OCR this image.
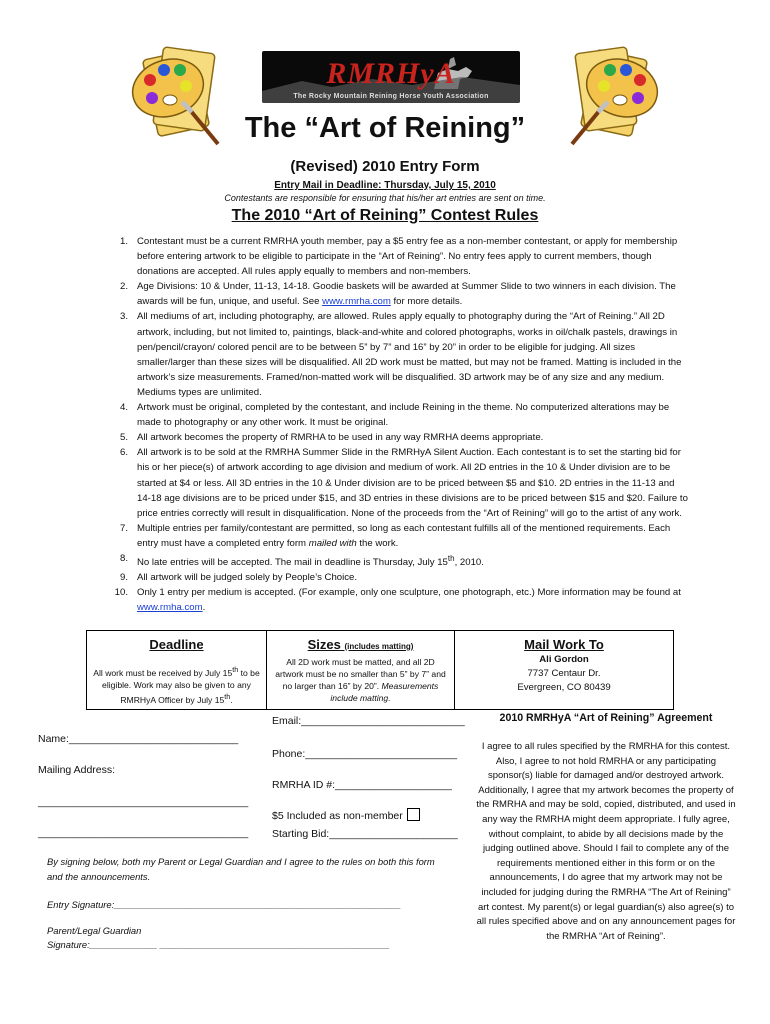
RMRHyA
The Rocky Mountain Reining Horse Youth Association
The “Art of Reining”
(Revised) 2010 Entry Form
Entry Mail in Deadline: Thursday, July 15, 2010
Contestants are responsible for ensuring that his/her art entries are sent on time.
The 2010 “Art of Reining” Contest Rules
1. Contestant must be a current RMRHA youth member, pay a $5 entry fee as a non-member contestant, or apply for membership before entering artwork to be eligible to participate in the “Art of Reining”. No entry fees apply to current members, though donations are accepted. All rules apply equally to members and non-members.
2. Age Divisions: 10 & Under, 11-13, 14-18. Goodie baskets will be awarded at Summer Slide to two winners in each division. The awards will be fun, unique, and useful. See www.rmrha.com for more details.
3. All mediums of art, including photography, are allowed. Rules apply equally to photography during the “Art of Reining.” All 2D artwork, including, but not limited to, paintings, black-and-white and colored photographs, works in oil/chalk pastels, drawings in pen/pencil/crayon/ colored pencil are to be between 5” by 7” and 16” by 20” in order to be eligible for judging. All sizes smaller/larger than these sizes will be disqualified. All 2D work must be matted, but may not be framed. Matting is included in the artwork’s size measurements. Framed/non-matted work will be disqualified. 3D artwork may be of any size and any medium. Mediums types are unlimited.
4. Artwork must be original, completed by the contestant, and include Reining in the theme. No computerized alterations may be made to photography or any other work. It must be original.
5. All artwork becomes the property of RMRHA to be used in any way RMRHA deems appropriate.
6. All artwork is to be sold at the RMRHA Summer Slide in the RMRHyA Silent Auction. Each contestant is to set the starting bid for his or her piece(s) of artwork according to age division and medium of work. All 2D entries in the 10 & Under division are to be started at $4 or less. All 3D entries in the 10 & Under division are to be priced between $5 and $10. 2D entries in the 11-13 and 14-18 age divisions are to be priced under $15, and 3D entries in these divisions are to be priced between $15 and $20. Failure to price entries correctly will result in disqualification. None of the proceeds from the “Art of Reining” will go to the artist of any work.
7. Multiple entries per family/contestant are permitted, so long as each contestant fulfills all of the mentioned requirements. Each entry must have a completed entry form mailed with the work.
8. No late entries will be accepted. The mail in deadline is Thursday, July 15th, 2010.
9. All artwork will be judged solely by People’s Choice.
10. Only 1 entry per medium is accepted. (For example, only one sculpture, one photograph, etc.) More information may be found at www.rmha.com.
Deadline

All work must be received by July 15th to be eligible. Work may also be given to any RMRHyA Officer by July 15th.

Sizes (includes matting)

All 2D work must be matted, and all 2D artwork must be no smaller than 5” by 7” and no larger than 16” by 20”. Measurements include matting.

Mail Work To

Ali Gordon
7737 Centaur Dr.
Evergreen, CO 80439

Email:____________________________
Name:_____________________________
Phone:__________________________
Mailing Address:
RMRHA ID #:____________________
____________________________________
$5 Included as non-member
____________________________________ Starting Bid:______________________
By signing below, both my Parent or Legal Guardian and I agree to the rules on both this form and the announcements.
Entry Signature:_______________________________________________________
Parent/Legal Guardian
Signature:_____________ ____________________________________________
2010 RMRHyA “Art of Reining” Agreement
I agree to all rules specified by the RMRHA for this contest. Also, I agree to not hold RMRHA or any participating sponsor(s) liable for damaged and/or destroyed artwork. Additionally, I agree that my artwork becomes the property of the RMRHA and may be sold, copied, distributed, and used in any way the RMRHA might deem appropriate. I fully agree, without complaint, to abide by all decisions made by the judging outlined above. Should I fail to complete any of the requirements mentioned either in this form or on the announcements, I do agree that my artwork may not be included for judging during the RMRHA “The Art of Reining” art contest. My parent(s) or legal guardian(s) also agree(s) to all rules specified above and on any announcement pages for the RMRHA “Art of Reining”.
